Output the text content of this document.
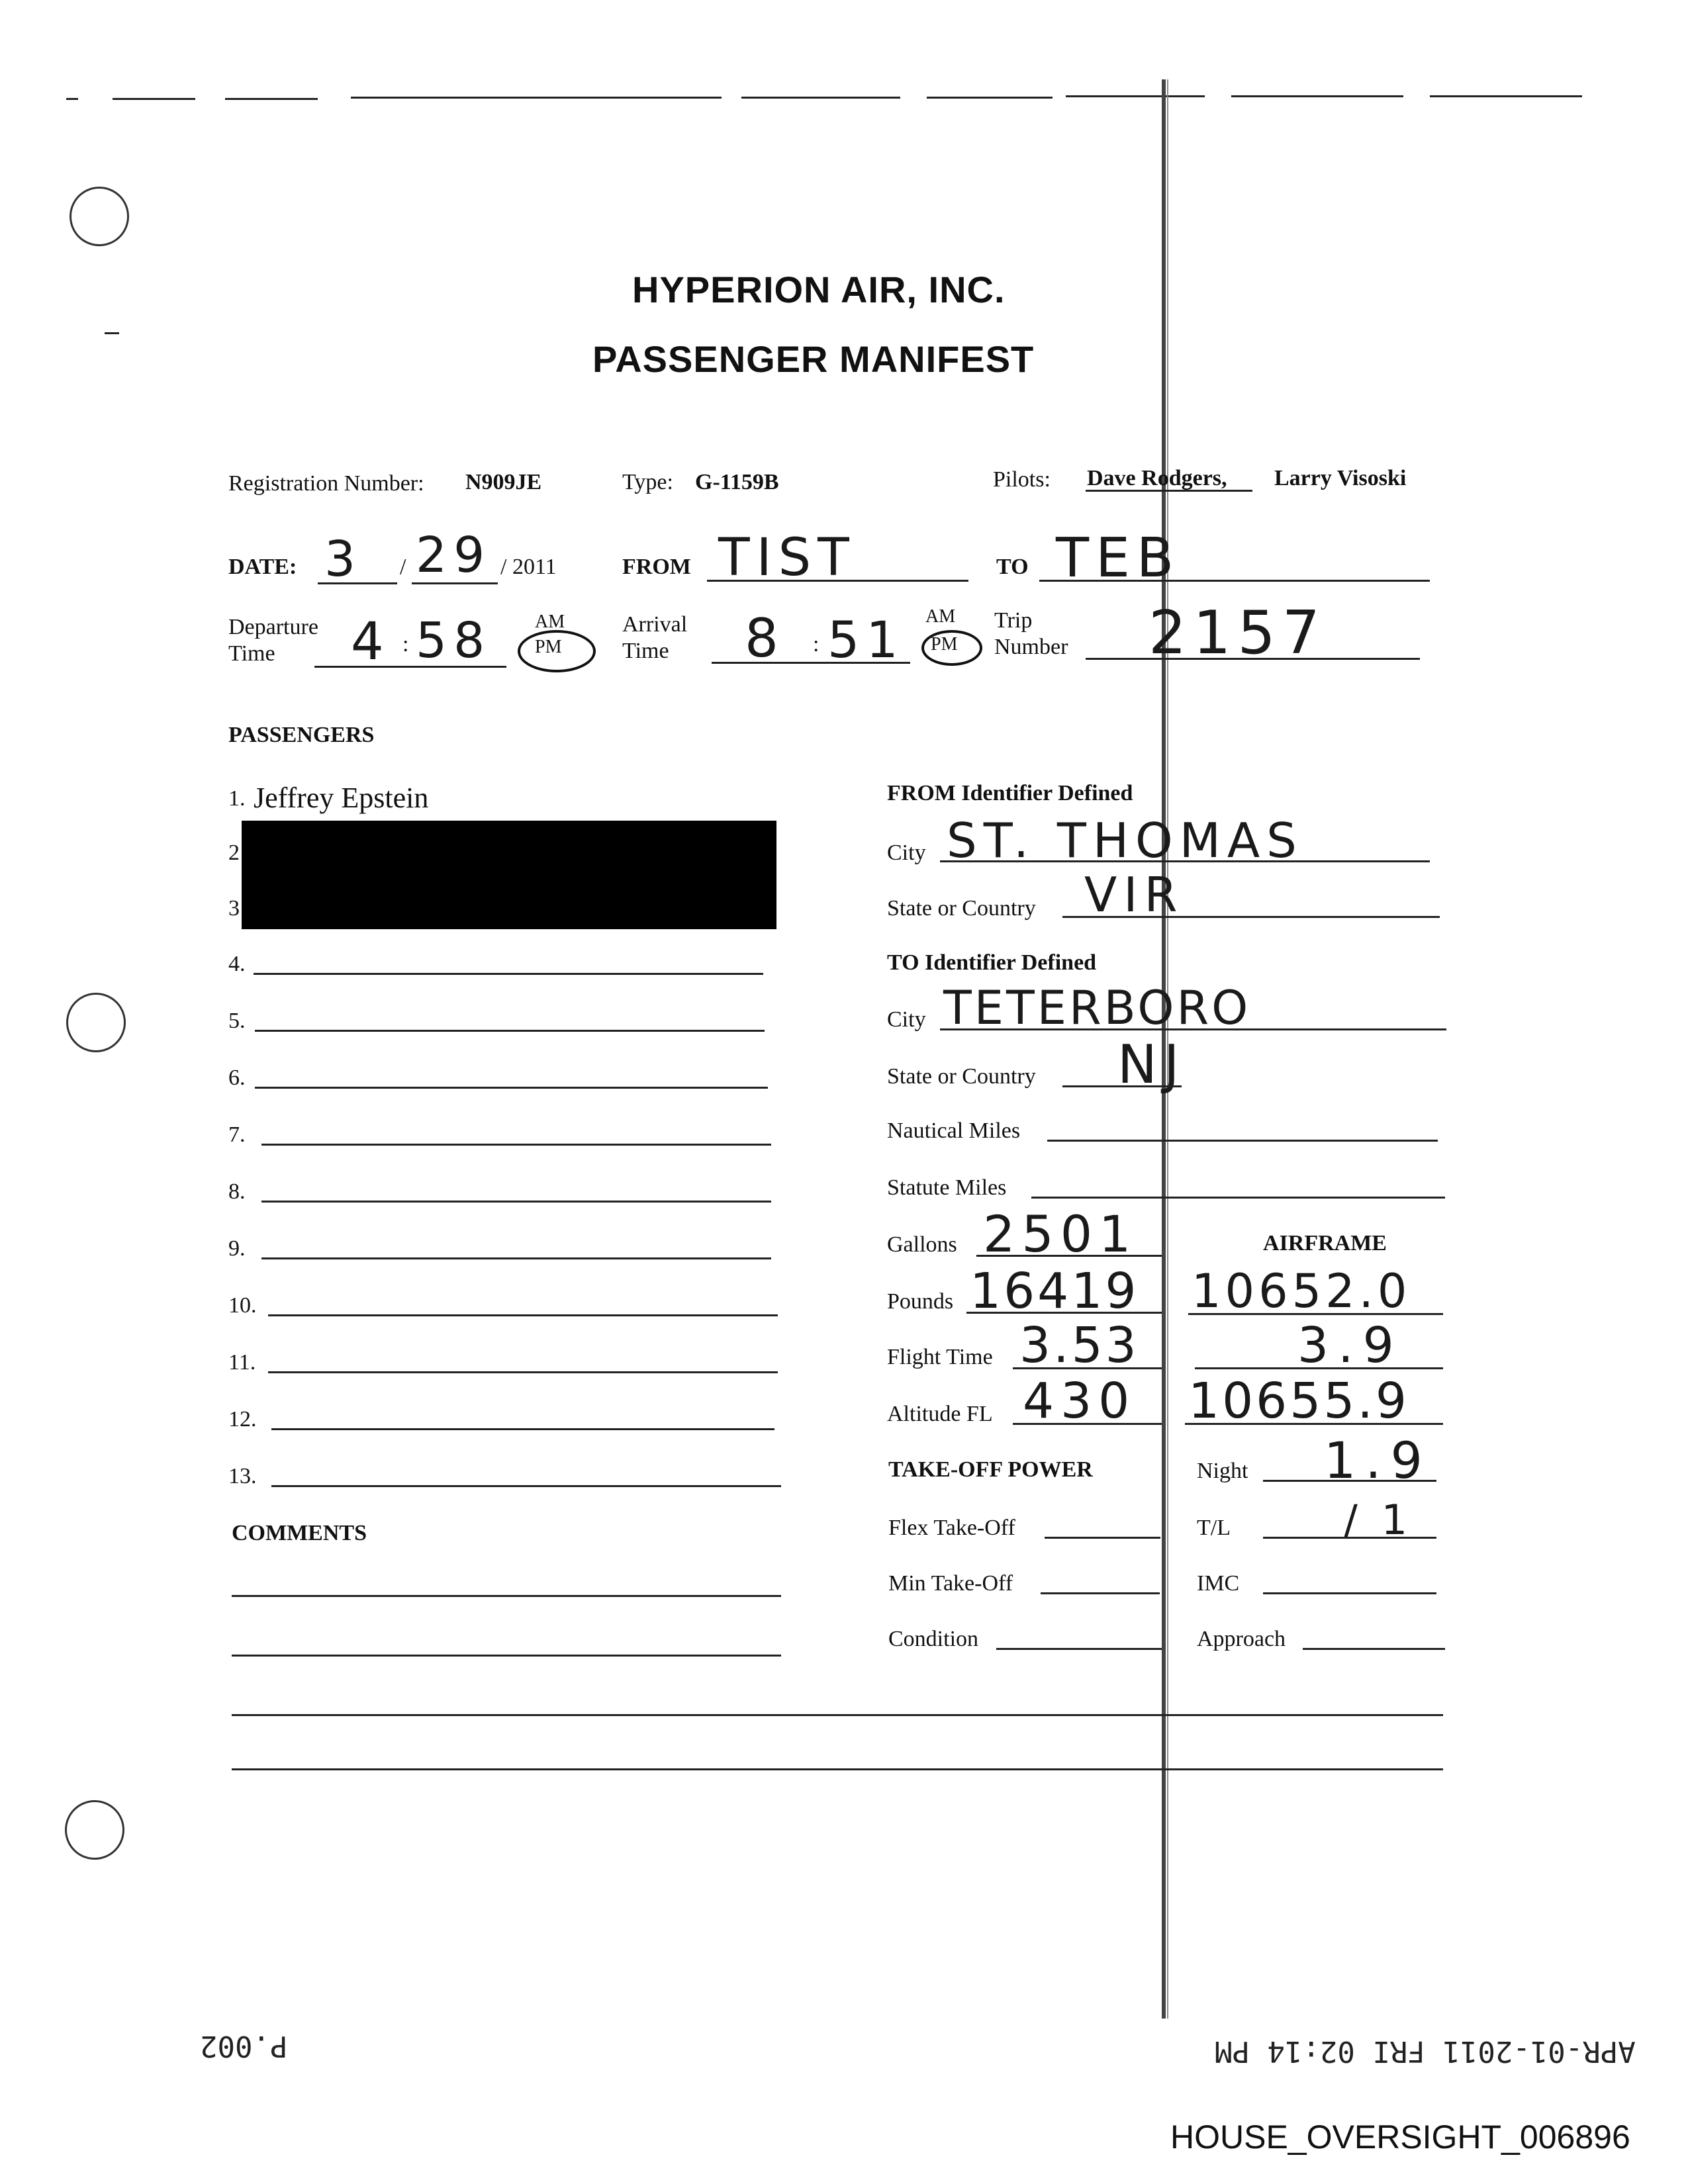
HYPERION AIR, INC.
PASSENGER MANIFEST
Registration Number: N909JE	Type: G-1159B	Pilots: Dave Rodgers, Larry Visoski
DATE: 3 / 29 / 2011	FROM TIST	TO TEB
Departure
Time	4 : 58 AM
PM
Arrival
Time	8 : 51 AM
PM
Trip
Number 2157
PASSENGERS
1. Jeffrey Epstein
2
3
4.
5.
6.
7.
8.
9.
10.
11.
12.
13.
COMMENTS
FROM Identifier Defined
City ST. THOMAS
State or Country VIR
TO Identifier Defined
City TETERBORO
State or Country NJ
Nautical Miles
Statute Miles
Gallons 2501	AIRFRAME
Pounds 16419 10652.0
Flight Time 3.53	3.9
Altitude FL 430 10655.9
TAKE-OFF POWER	Night 1.9
Flex Take-Off	T/L	/ 1
Min Take-Off	IMC
Condition	Approach
P.002	APR-01-2011 FRI 02:14 PM
HOUSE_OVERSIGHT_006896
